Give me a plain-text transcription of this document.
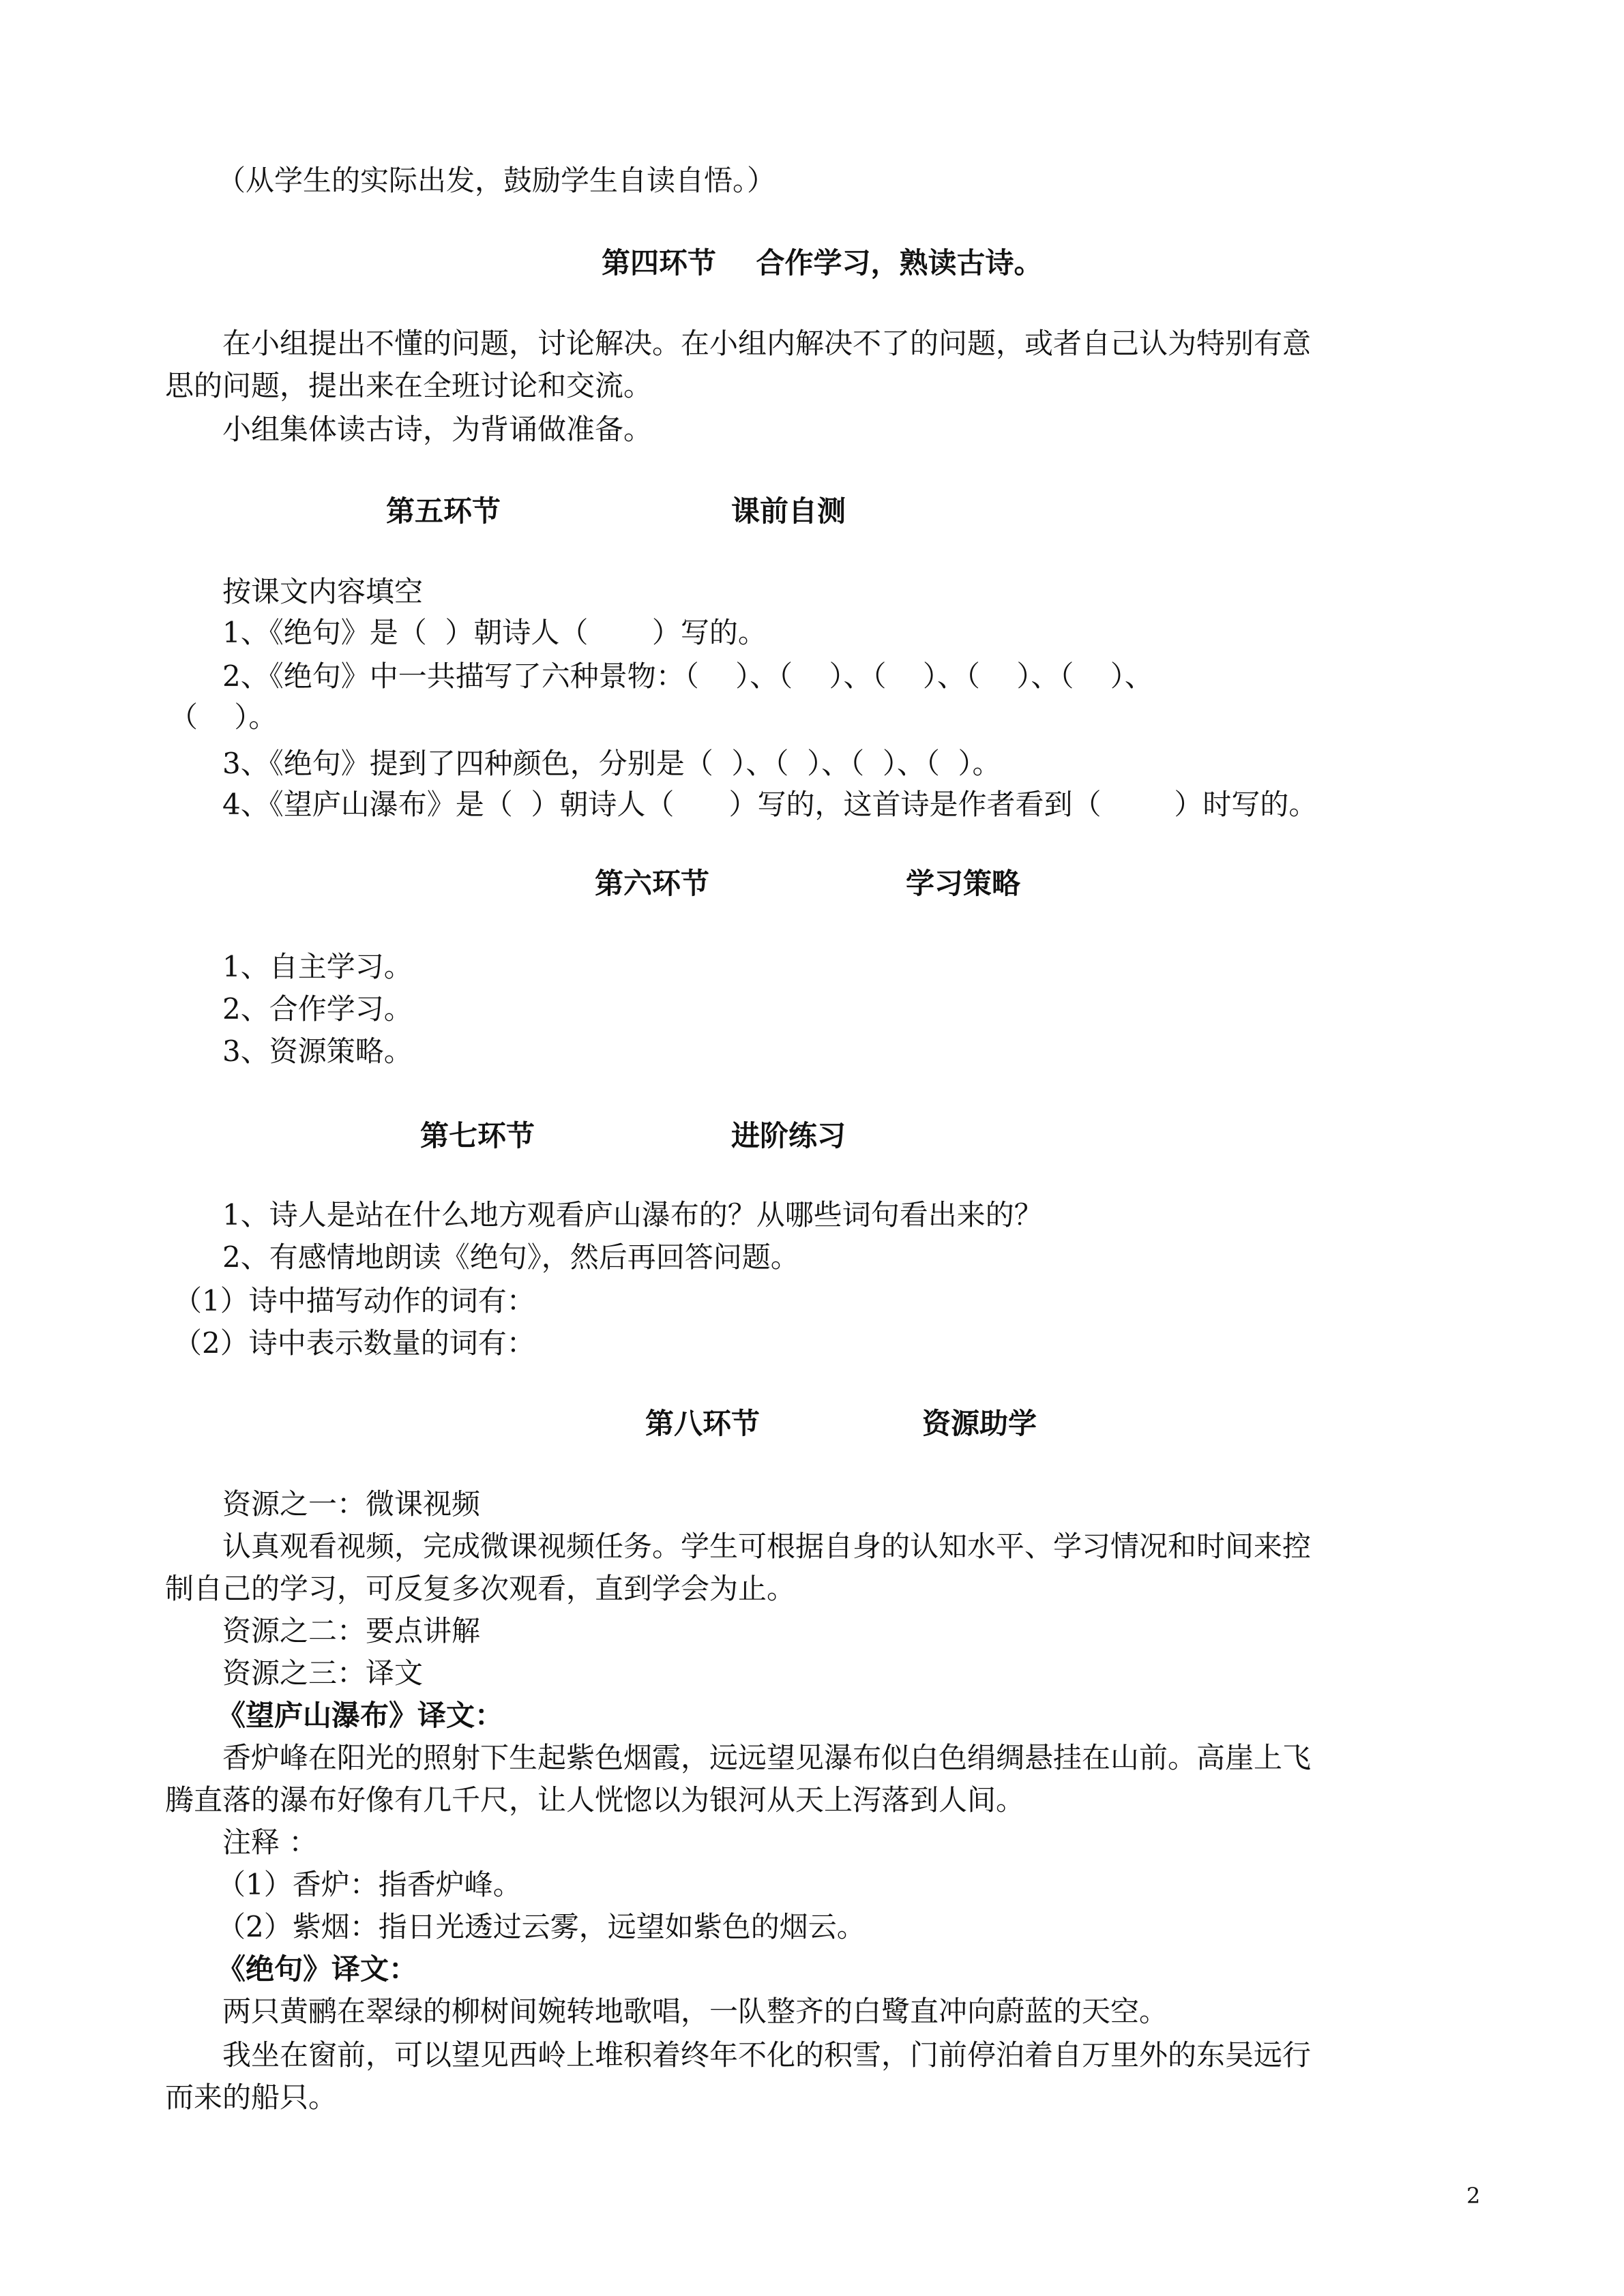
（从学生的实际出发，鼓励学生自读自悟。）
第四环节    合作学习，熟读古诗。
在小组提出不懂的问题，讨论解决。在小组内解决不了的问题，或者自己认为特别有意
思的问题，提出来在全班讨论和交流。
小组集体读古诗，为背诵做准备。
第五环节	课前自测
按课文内容填空
1、《绝句》是（  ）朝诗人（       ）写的。
2、《绝句》中一共描写了六种景物：（    ）、（    ）、（    ）、（    ）、（    ）、
（    ）。
3、《绝句》提到了四种颜色，分别是（  ）、（  ）、（  ）、（  ）。
4、《望庐山瀑布》是（  ）朝诗人（      ）写的，这首诗是作者看到（        ）时写的。
第六环节	学习策略
1、自主学习。
2、合作学习。
3、资源策略。
第七环节	进阶练习
1、诗人是站在什么地方观看庐山瀑布的？从哪些词句看出来的？
2、有感情地朗读《绝句》，然后再回答问题。
（1）诗中描写动作的词有：
（2）诗中表示数量的词有：
第八环节	资源助学
资源之一：微课视频
认真观看视频，完成微课视频任务。学生可根据自身的认知水平、学习情况和时间来控
制自己的学习，可反复多次观看，直到学会为止。
资源之二：要点讲解
资源之三：译文
《望庐山瀑布》译文：
香炉峰在阳光的照射下生起紫色烟霞，远远望见瀑布似白色绢绸悬挂在山前。高崖上飞
腾直落的瀑布好像有几千尺，让人恍惚以为银河从天上泻落到人间。
注释 ：
（1）香炉：指香炉峰。
（2）紫烟：指日光透过云雾，远望如紫色的烟云。
《绝句》译文：
两只黄鹂在翠绿的柳树间婉转地歌唱，一队整齐的白鹭直冲向蔚蓝的天空。
我坐在窗前，可以望见西岭上堆积着终年不化的积雪，门前停泊着自万里外的东吴远行
而来的船只。
2
